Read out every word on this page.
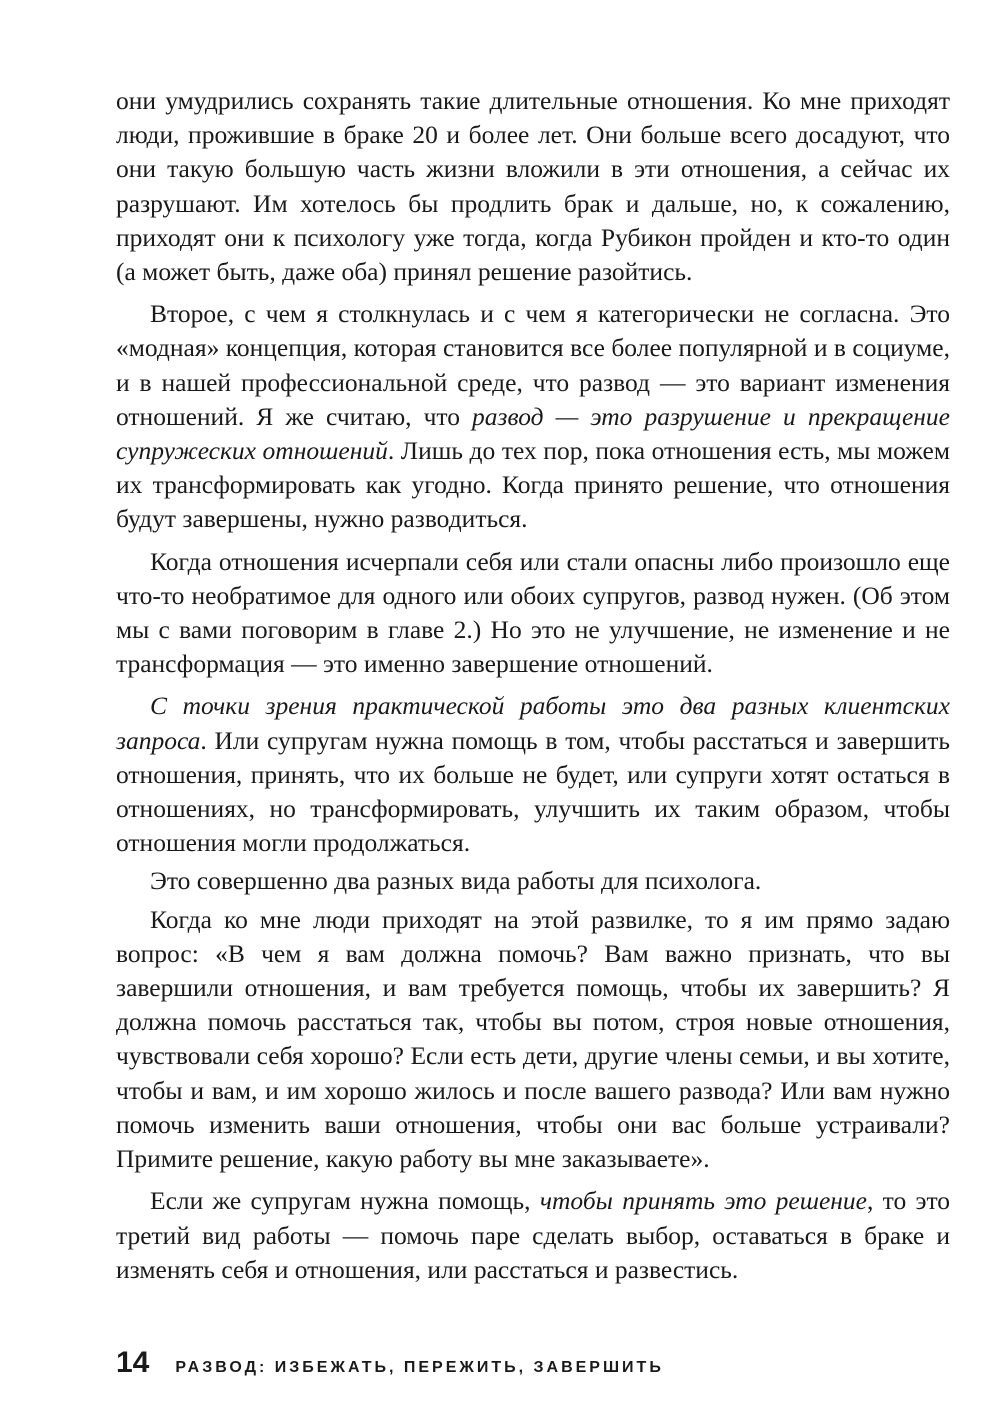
они умудрились сохранять такие длительные отношения. Ко мне приходят люди, прожившие в браке 20 и более лет. Они больше всего досадуют, что они такую большую часть жизни вложили в эти отношения, а сейчас их разрушают. Им хотелось бы продлить брак и дальше, но, к сожалению, приходят они к психологу уже тогда, когда Рубикон пройден и кто-то один (а может быть, даже оба) принял решение разойтись.

Второе, с чем я столкнулась и с чем я категорически не согласна. Это «модная» концепция, которая становится все более популярной и в социуме, и в нашей профессиональной среде, что развод — это вариант изменения отношений. Я же считаю, что развод — это разрушение и прекращение супружеских отношений. Лишь до тех пор, пока отношения есть, мы можем их трансформировать как угодно. Когда принято решение, что отношения будут завершены, нужно разводиться.

Когда отношения исчерпали себя или стали опасны либо произошло еще что-то необратимое для одного или обоих супругов, развод нужен. (Об этом мы с вами поговорим в главе 2.) Но это не улучшение, не изменение и не трансформация — это именно завершение отношений.

С точки зрения практической работы это два разных клиентских запроса. Или супругам нужна помощь в том, чтобы расстаться и завершить отношения, принять, что их больше не будет, или супруги хотят остаться в отношениях, но трансформировать, улучшить их таким образом, чтобы отношения могли продолжаться.

Это совершенно два разных вида работы для психолога.

Когда ко мне люди приходят на этой развилке, то я им прямо задаю вопрос: «В чем я вам должна помочь? Вам важно признать, что вы завершили отношения, и вам требуется помощь, чтобы их завершить? Я должна помочь расстаться так, чтобы вы потом, строя новые отношения, чувствовали себя хорошо? Если есть дети, другие члены семьи, и вы хотите, чтобы и вам, и им хорошо жилось и после вашего развода? Или вам нужно помочь изменить ваши отношения, чтобы они вас больше устраивали? Примите решение, какую работу вы мне заказываете».

Если же супругам нужна помощь, чтобы принять это решение, то это третий вид работы — помочь паре сделать выбор, оставаться в браке и изменять себя и отношения, или расстаться и развестись.

14 РАЗВОД: ИЗБЕЖАТЬ, ПЕРЕЖИТЬ, ЗАВЕРШИТЬ
